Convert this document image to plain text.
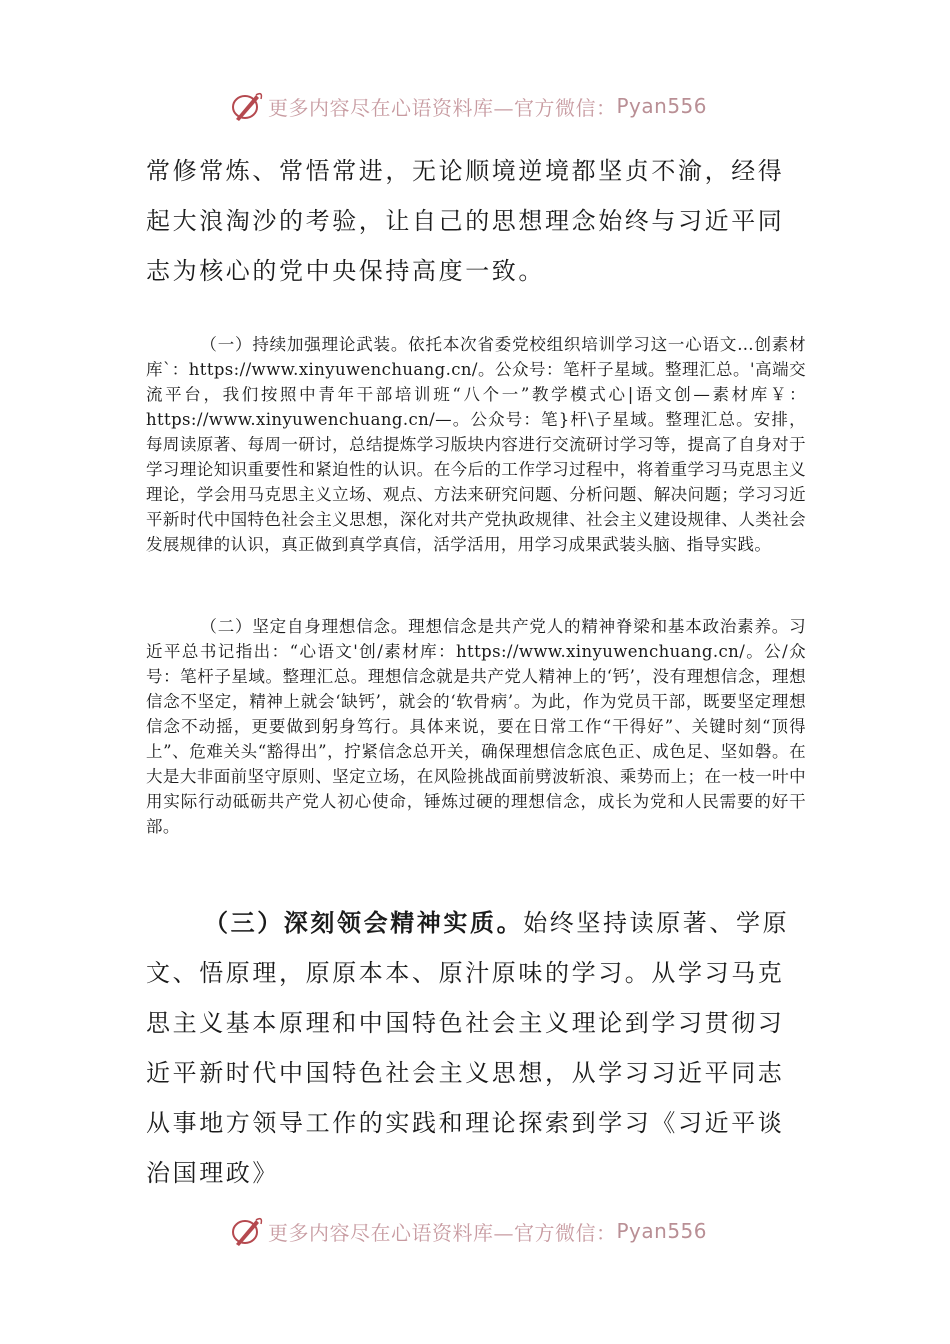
更多内容尽在心语资料库—官方微信： Pyan556

常修常炼、常悟常进，无论顺境逆境都坚贞不渝，经得起大浪淘沙的考验，让自己的思想理念始终与习近平同志为核心的党中央保持高度一致。

（一）持续加强理论武装。依托本次省委党校组织培训学习这一心语文…创素材库`：https://www.xinyuwenchuang.cn/。公众号：笔杆子星域。整理汇总。'高端交流平台，我们按照中青年干部培训班“八个一”教学模式心|语文创—素材库￥：https://www.xinyuwenchuang.cn/—。公众号：笔}杆\子星域。整理汇总。安排，每周读原著、每周一研讨，总结提炼学习版块内容进行交流研讨学习等，提高了自身对于学习理论知识重要性和紧迫性的认识。在今后的工作学习过程中，将着重学习马克思主义理论，学会用马克思主义立场、观点、方法来研究问题、分析问题、解决问题；学习习近平新时代中国特色社会主义思想，深化对共产党执政规律、社会主义建设规律、人类社会发展规律的认识，真正做到真学真信，活学活用，用学习成果武装头脑、指导实践。

（二）坚定自身理想信念。理想信念是共产党人的精神脊梁和基本政治素养。习近平总书记指出：“心语文'创/素材库：https://www.xinyuwenchuang.cn/。公/众号：笔杆子星域。整理汇总。理想信念就是共产党人精神上的‘钙’，没有理想信念，理想信念不坚定，精神上就会‘缺钙’，就会的‘软骨病’。为此，作为党员干部，既要坚定理想信念不动摇，更要做到躬身笃行。具体来说，要在日常工作“干得好”、关键时刻“顶得上”、危难关头“豁得出”，拧紧信念总开关，确保理想信念底色正、成色足、坚如磐。在大是大非面前坚守原则、坚定立场，在风险挑战面前劈波斩浪、乘势而上；在一枝一叶中用实际行动砥砺共产党人初心使命，锤炼过硬的理想信念，成长为党和人民需要的好干部。

（三）深刻领会精神实质。始终坚持读原著、学原文、悟原理，原原本本、原汁原味的学习。从学习马克思主义基本原理和中国特色社会主义理论到学习贯彻习近平新时代中国特色社会主义思想，从学习习近平同志从事地方领导工作的实践和理论探索到学习《习近平谈治国理政》

更多内容尽在心语资料库—官方微信： Pyan556
